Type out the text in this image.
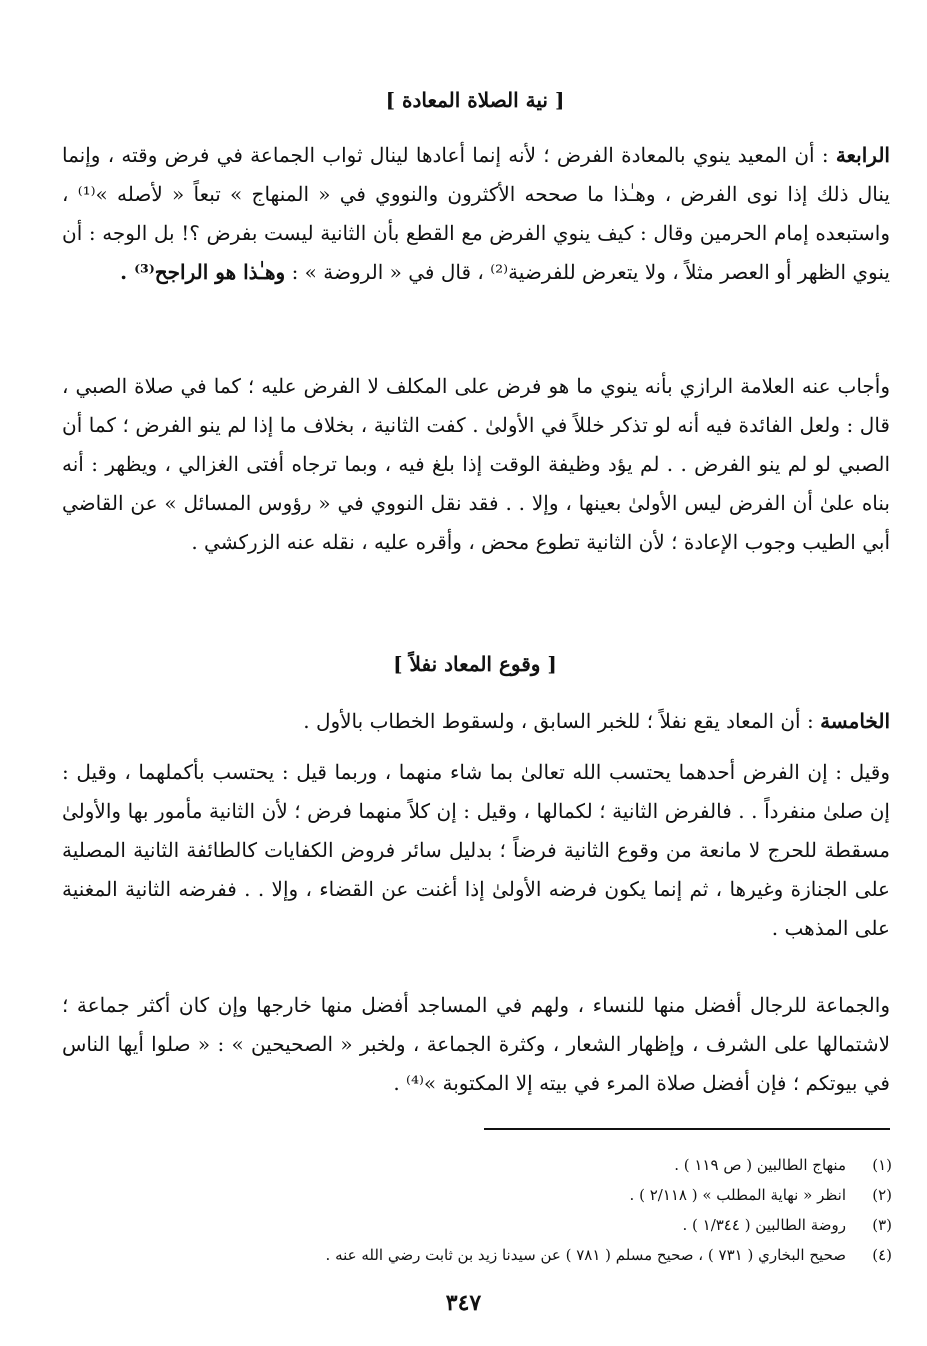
[ نية الصلاة المعادة ]
الرابعة : أن المعيد ينوي بالمعادة الفرض ؛ لأنه إنما أعادها لينال ثواب الجماعة في فرض وقته ، وإنما ينال ذلك إذا نوى الفرض ، وهـٰذا ما صححه الأكثرون والنووي في « المنهاج » تبعاً « لأصله »⁽¹⁾ ، واستبعده إمام الحرمين وقال : كيف ينوي الفرض مع القطع بأن الثانية ليست بفرض ؟! بل الوجه : أن ينوي الظهر أو العصر مثلاً ، ولا يتعرض للفرضية⁽²⁾ ، قال في « الروضة » : وهـٰذا هو الراجح⁽³⁾ .
وأجاب عنه العلامة الرازي بأنه ينوي ما هو فرض على المكلف لا الفرض عليه ؛ كما في صلاة الصبي ، قال : ولعل الفائدة فيه أنه لو تذكر خللاً في الأولىٰ . كفت الثانية ، بخلاف ما إذا لم ينو الفرض ؛ كما أن الصبي لو لم ينو الفرض . . لم يؤد وظيفة الوقت إذا بلغ فيه ، وبما ترجاه أفتى الغزالي ، ويظهر : أنه بناه علىٰ أن الفرض ليس الأولىٰ بعينها ، وإلا . . فقد نقل النووي في « رؤوس المسائل » عن القاضي أبي الطيب وجوب الإعادة ؛ لأن الثانية تطوع محض ، وأقره عليه ، نقله عنه الزركشي .
[ وقوع المعاد نفلاً ]
الخامسة : أن المعاد يقع نفلاً ؛ للخبر السابق ، ولسقوط الخطاب بالأول .
وقيل : إن الفرض أحدهما يحتسب الله تعالىٰ بما شاء منهما ، وربما قيل : يحتسب بأكملهما ، وقيل : إن صلىٰ منفرداً . . فالفرض الثانية ؛ لكمالها ، وقيل : إن كلاً منهما فرض ؛ لأن الثانية مأمور بها والأولىٰ مسقطة للحرج لا مانعة من وقوع الثانية فرضاً ؛ بدليل سائر فروض الكفايات كالطائفة الثانية المصلية على الجنازة وغيرها ، ثم إنما يكون فرضه الأولىٰ إذا أغنت عن القضاء ، وإلا . . ففرضه الثانية المغنية على المذهب .
والجماعة للرجال أفضل منها للنساء ، ولهم في المساجد أفضل منها خارجها وإن كان أكثر جماعة ؛ لاشتمالها على الشرف ، وإظهار الشعار ، وكثرة الجماعة ، ولخبر « الصحيحين » : « صلوا أيها الناس في بيوتكم ؛ فإن أفضل صلاة المرء في بيته إلا المكتوبة »⁽⁴⁾ .
(١)
منهاج الطالبين ( ص ١١٩ ) .
(٢)
انظر « نهاية المطلب » ( ٢/١١٨ ) .
(٣)
روضة الطالبين ( ١/٣٤٤ ) .
(٤)
صحيح البخاري ( ٧٣١ ) ، صحيح مسلم ( ٧٨١ ) عن سيدنا زيد بن ثابت رضي الله عنه .
٣٤٧
